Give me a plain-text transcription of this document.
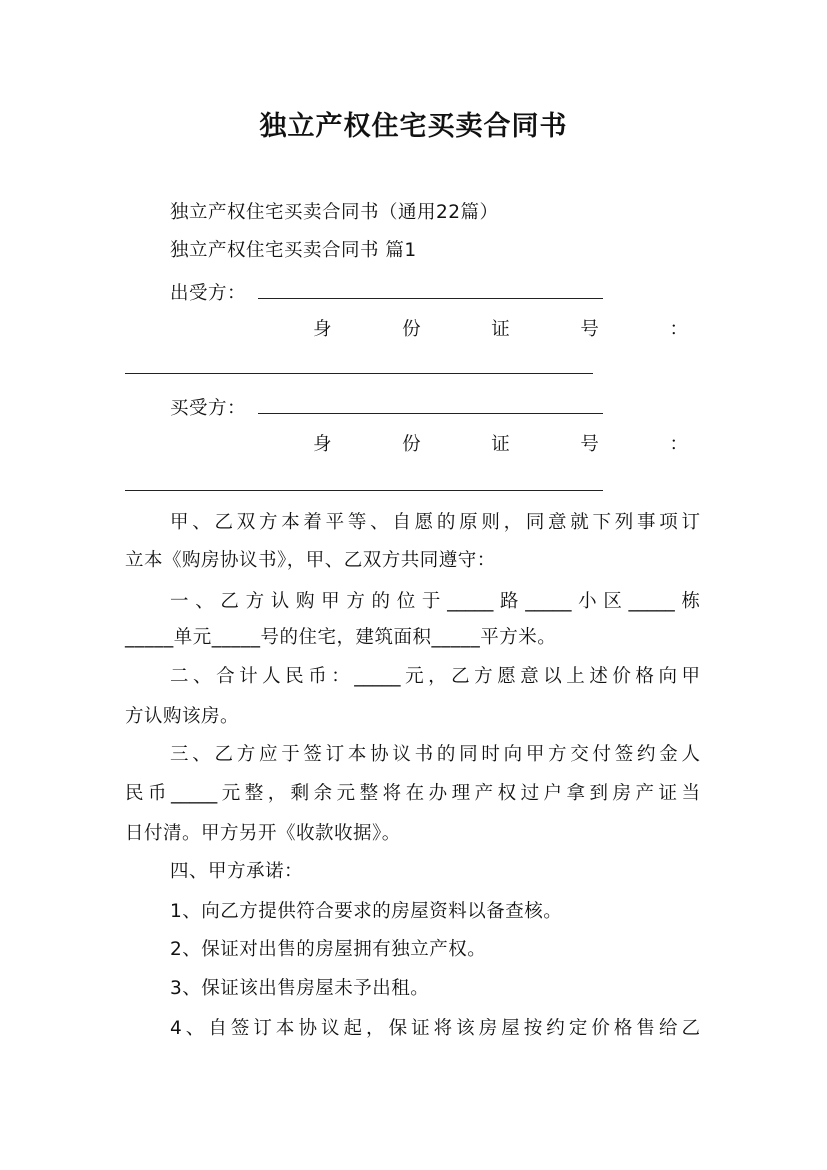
独立产权住宅买卖合同书
独立产权住宅买卖合同书（通用22篇）
独立产权住宅买卖合同书 篇1
出受方：
身	份	证	号	：
买受方：
身	份	证	号	：
甲、乙双方本着平等、自愿的原则，同意就下列事项订
立本《购房协议书》，甲、乙双方共同遵守：
一、乙方认购甲方的位于_____路_____小区_____栋
_____单元_____号的住宅，建筑面积_____平方米。
二、合计人民币：_____元，乙方愿意以上述价格向甲
方认购该房。
三、乙方应于签订本协议书的同时向甲方交付签约金人
民币_____元整，剩余元整将在办理产权过户拿到房产证当
日付清。甲方另开《收款收据》。
四、甲方承诺：
1、向乙方提供符合要求的房屋资料以备查核。
2、保证对出售的房屋拥有独立产权。
3、保证该出售房屋未予出租。
4、自签订本协议起，保证将该房屋按约定价格售给乙
